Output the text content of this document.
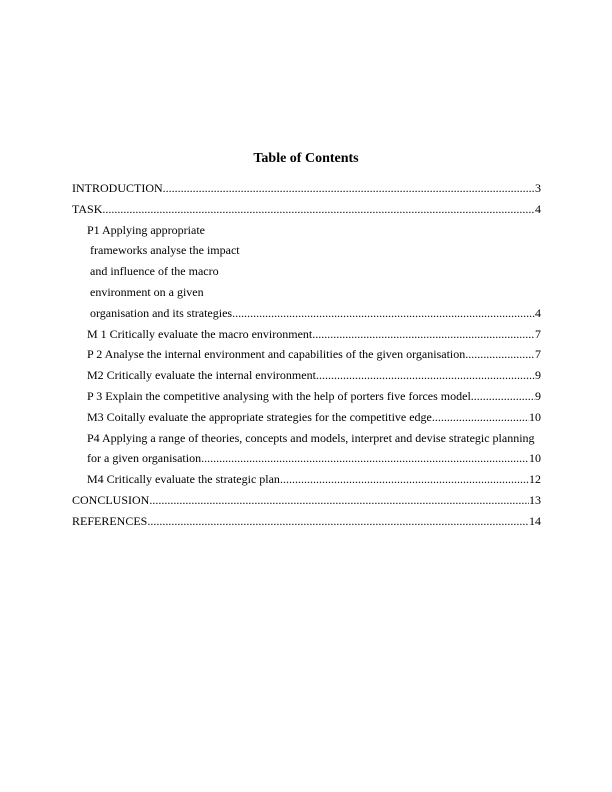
Table of Contents
INTRODUCTION .....	3
TASK .....	4
P1 Applying appropriate
frameworks analyse the impact
and influence of the macro
environment on a given
organisation and its strategies .....	4
M 1 Critically evaluate the macro environment .....	7
P 2 Analyse the internal environment and capabilities of the given organisation .....	7
M2 Critically evaluate the internal environment .....	9
P 3 Explain the competitive analysing with the help of porters five forces model .....	9
M3 Coitally evaluate the appropriate strategies for the competitive edge .....	10
P4 Applying a range of theories, concepts and models, interpret and devise strategic planning
for a given organisation .....	10
M4 Critically evaluate the strategic plan .....	12
CONCLUSION .....	13
REFERENCES .....	14
